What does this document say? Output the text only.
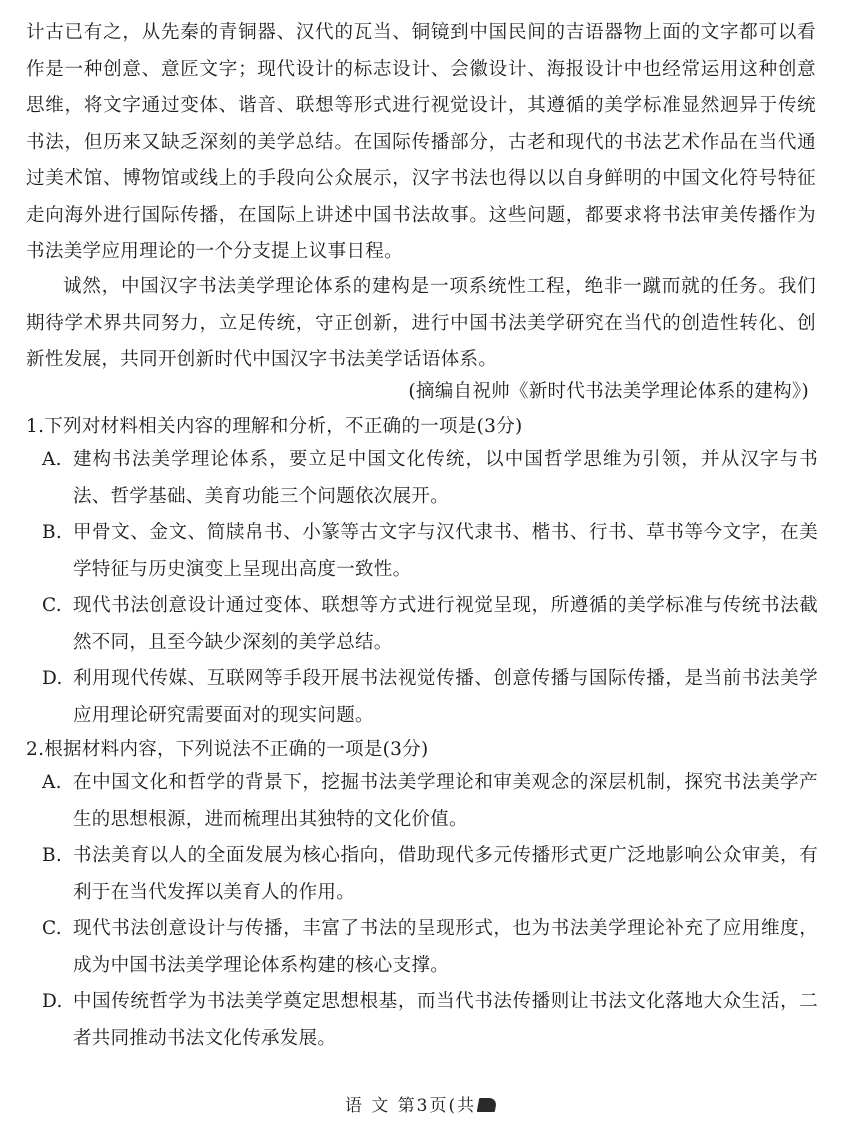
计古已有之，从先秦的青铜器、汉代的瓦当、铜镜到中国民间的吉语器物上面的文字都可以看作是一种创意、意匠文字；现代设计的标志设计、会徽设计、海报设计中也经常运用这种创意思维，将文字通过变体、谐音、联想等形式进行视觉设计，其遵循的美学标准显然迥异于传统书法，但历来又缺乏深刻的美学总结。在国际传播部分，古老和现代的书法艺术作品在当代通过美术馆、博物馆或线上的手段向公众展示，汉字书法也得以以自身鲜明的中国文化符号特征走向海外进行国际传播，在国际上讲述中国书法故事。这些问题，都要求将书法审美传播作为书法美学应用理论的一个分支提上议事日程。

诚然，中国汉字书法美学理论体系的建构是一项系统性工程，绝非一蹴而就的任务。我们期待学术界共同努力，立足传统，守正创新，进行中国书法美学研究在当代的创造性转化、创新性发展，共同开创新时代中国汉字书法美学话语体系。

(摘编自祝帅《新时代书法美学理论体系的建构》)

1.下列对材料相关内容的理解和分析，不正确的一项是(3分)

A. 建构书法美学理论体系，要立足中国文化传统，以中国哲学思维为引领，并从汉字与书法、哲学基础、美育功能三个问题依次展开。
B. 甲骨文、金文、简牍帛书、小篆等古文字与汉代隶书、楷书、行书、草书等今文字，在美学特征与历史演变上呈现出高度一致性。
C. 现代书法创意设计通过变体、联想等方式进行视觉呈现，所遵循的美学标准与传统书法截然不同，且至今缺少深刻的美学总结。
D. 利用现代传媒、互联网等手段开展书法视觉传播、创意传播与国际传播，是当前书法美学应用理论研究需要面对的现实问题。

2.根据材料内容，下列说法不正确的一项是(3分)

A. 在中国文化和哲学的背景下，挖掘书法美学理论和审美观念的深层机制，探究书法美学产生的思想根源，进而梳理出其独特的文化价值。
B. 书法美育以人的全面发展为核心指向，借助现代多元传播形式更广泛地影响公众审美，有利于在当代发挥以美育人的作用。
C. 现代书法创意设计与传播，丰富了书法的呈现形式，也为书法美学理论补充了应用维度，成为中国书法美学理论体系构建的核心支撑。
D. 中国传统哲学为书法美学奠定思想根基，而当代书法传播则让书法文化落地大众生活，二者共同推动书法文化传承发展。
语 文 第3页(共
